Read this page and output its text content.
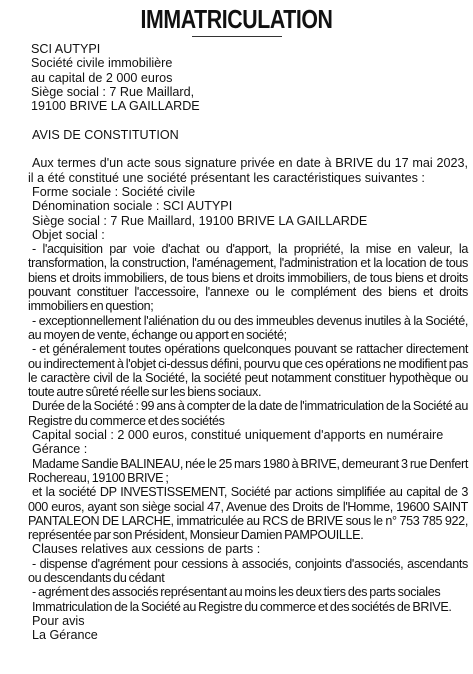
IMMATRICULATION

SCI AUTYPI

Société civile immobilière

au capital de 2 000 euros

Siège social : 7 Rue Maillard,

19100 BRIVE LA GAILLARDE

AVIS DE CONSTITUTION

Aux termes d'un acte sous signature privée en date à BRIVE du 17 mai 2023, il a été constitué une société présentant les caractéristiques suivantes :

Forme sociale : Société civile

Dénomination sociale : SCI AUTYPI

Siège social : 7 Rue Maillard, 19100 BRIVE LA GAILLARDE

Objet social :

- l'acquisition par voie d'achat ou d'apport, la propriété, la mise en valeur, la transformation, la construction, l'aménagement, l'administration et la location de tous biens et droits immobiliers, de tous biens et droits immobiliers, de tous biens et droits pouvant constituer l'accessoire, l'annexe ou le complément des biens et droits immobiliers en question;

- exceptionnellement l'aliénation du ou des immeubles devenus inutiles à la Société, au moyen de vente, échange ou apport en société;

- et généralement toutes opérations quelconques pouvant se rattacher directement ou indirectement à l'objet ci-dessus défini, pourvu que ces opérations ne modifient pas le caractère civil de la Société, la société peut notamment constituer hypothèque ou toute autre sûreté réelle sur les biens sociaux.

Durée de la Société : 99 ans à compter de la date de l'immatriculation de la Société au Registre du commerce et des sociétés

Capital social : 2 000 euros, constitué uniquement d'apports en numéraire

Gérance :

Madame Sandie BALINEAU, née le 25 mars 1980 à BRIVE, demeurant 3 rue Denfert Rochereau, 19100 BRIVE ;

et la société DP INVESTISSEMENT, Société par actions simplifiée au capital de 3 000 euros, ayant son siège social 47, Avenue des Droits de l'Homme, 19600 SAINT PANTALEON DE LARCHE, immatriculée au RCS de BRIVE sous le n° 753 785 922, représentée par son Président, Monsieur Damien PAMPOUILLE.

Clauses relatives aux cessions de parts :

- dispense d'agrément pour cessions à associés, conjoints d'associés, ascendants ou descendants du cédant

- agrément des associés représentant au moins les deux tiers des parts sociales

Immatriculation de la Société au Registre du commerce et des sociétés de BRIVE.

Pour avis

La Gérance
